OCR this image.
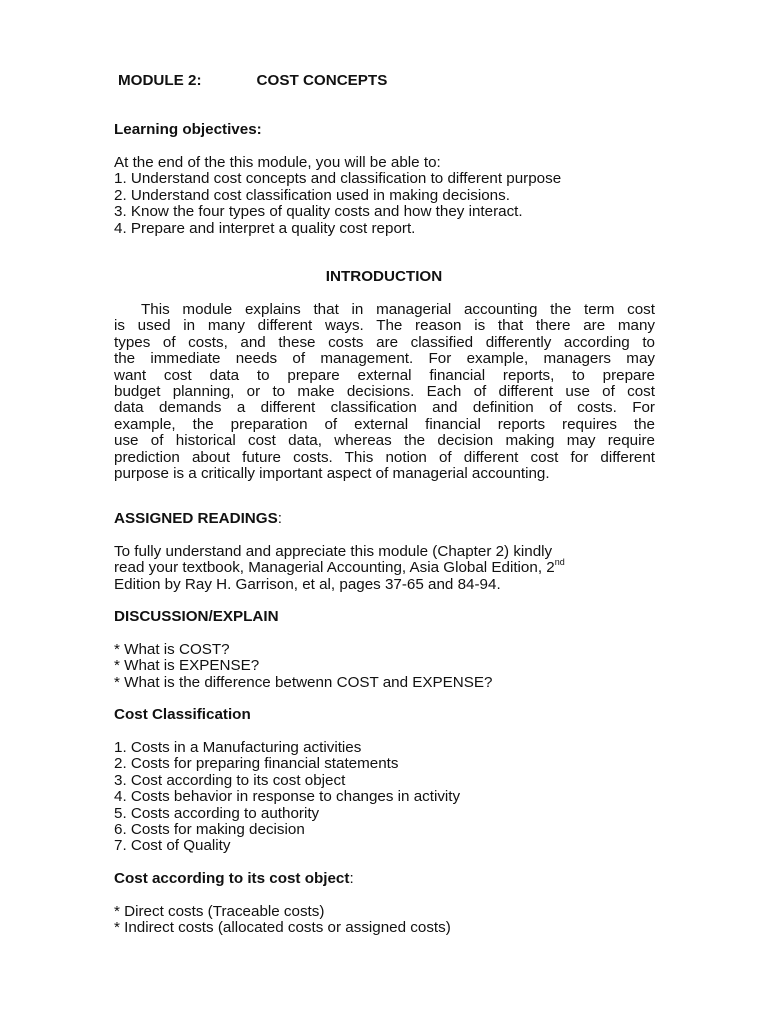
MODULE 2:	COST CONCEPTS
Learning objectives:
At the end of the this module, you will be able to:
1. Understand cost concepts and classification to different purpose
2. Understand cost classification used in making decisions.
3. Know the four types of quality costs and how they interact.
4. Prepare and interpret a quality cost report.
INTRODUCTION
This module explains that in managerial accounting the term cost
is used in many different ways. The reason is that there are many
types of costs, and these costs are classified differently according to
the immediate needs of management. For example, managers may
want cost data to prepare external financial reports, to prepare
budget planning, or to make decisions. Each of different use of cost
data demands a different classification and definition of costs. For
example, the preparation of external financial reports requires the
use of historical cost data, whereas the decision making may require
prediction about future costs. This notion of different cost for different
purpose is a critically important aspect of managerial accounting.
ASSIGNED READINGS:
To fully understand and appreciate this module (Chapter 2) kindly
read your textbook, Managerial Accounting, Asia Global Edition, 2nd
Edition by Ray H. Garrison, et al, pages 37-65 and 84-94.
DISCUSSION/EXPLAIN
* What is COST?
* What is EXPENSE?
* What is the difference betwenn COST and EXPENSE?
Cost Classification
1. Costs in a Manufacturing activities
2. Costs for preparing financial statements
3. Cost according to its cost object
4. Costs behavior in response to changes in activity
5. Costs according to authority
6. Costs for making decision
7. Cost of Quality
Cost according to its cost object:
* Direct costs (Traceable costs)
* Indirect costs (allocated costs or assigned costs)
